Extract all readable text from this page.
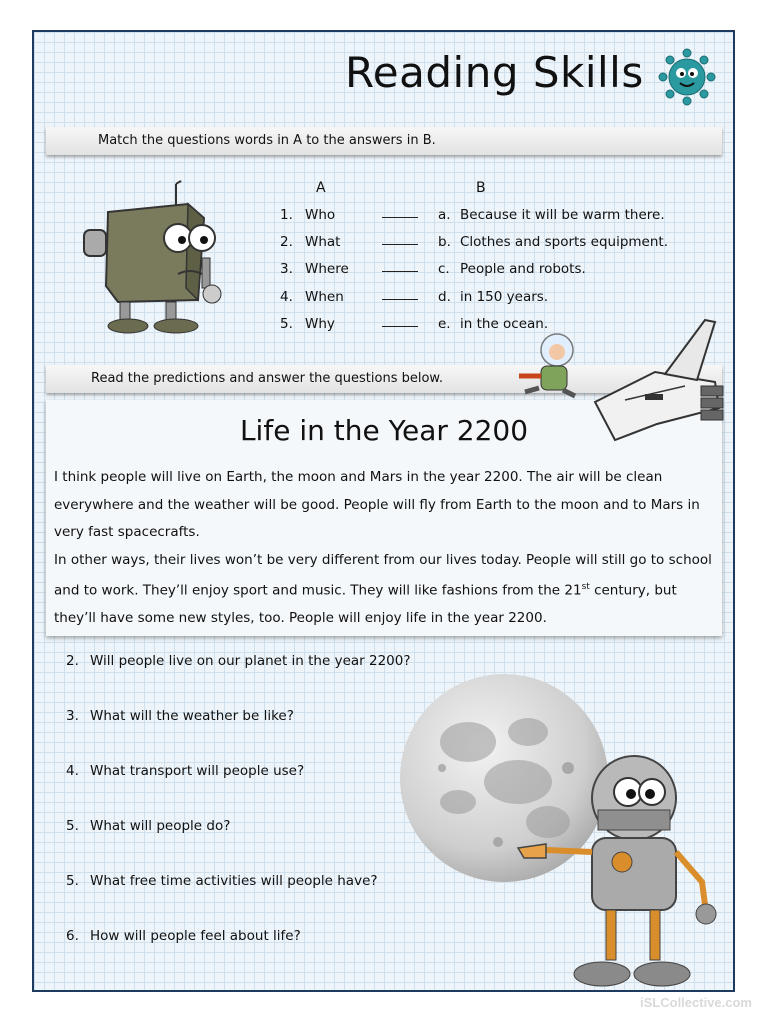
Reading Skills
Match the questions words in A to the answers in B.
A	B
1. Who	a. Because it will be warm there.
2. What	b. Clothes and sports equipment.
3. Where	c. People and robots.
4. When	d. in 150 years.
5. Why	e. in the ocean.
Read the predictions and answer the questions below.
Life in the Year 2200

I think people will live on Earth, the moon and Mars in the year 2200. The air will be clean everywhere and the weather will be good. People will fly from Earth to the moon and to Mars in very fast spacecrafts.

In other ways, their lives won’t be very different from our lives today. People will still go to school and to work. They’ll enjoy sport and music. They will like fashions from the 21st century, but they’ll have some new styles, too. People will enjoy life in the year 2200.

2. Will people live on our planet in the year 2200?
3. What will the weather be like?
4. What transport will people use?
5. What will people do?
5. What free time activities will people have?
6. How will people feel about life?
iSLCollective.com
